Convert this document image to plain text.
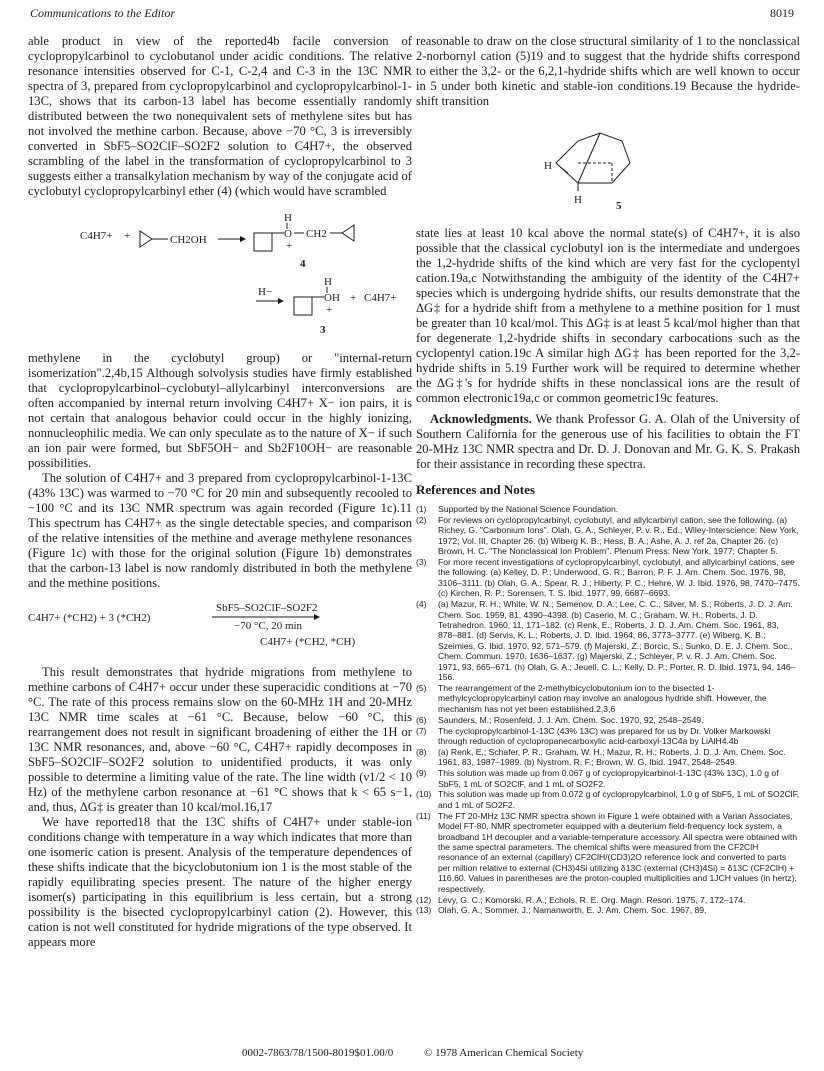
Communications to the Editor	8019

able product in view of the reported4b facile conversion of cyclopropylcarbinol to cyclobutanol under acidic conditions. The relative resonance intensities observed for C-1, C-2,4 and C-3 in the 13C NMR spectra of 3, prepared from cyclopropylcarbinol and cyclopropylcarbinol-1-13C, shows that its carbon-13 label has become essentially randomly distributed between the two nonequivalent sets of methylene sites but has not involved the methine carbon. Because, above −70 °C, 3 is irreversibly converted in SbF5–SO2ClF–SO2F2 solution to C4H7+, the observed scrambling of the label in the transformation of cyclopropylcarbinol to 3 suggests either a transalkylation mechanism by way of the conjugate acid of cyclobutyl cyclopropylcarbinyl ether (4) (which would have scrambled

C4H7+ +	CH2OH
H
O
+
CH2
4
H−
H
OH
+
+ C4H7+
3

methylene in the cyclobutyl group) or "internal-return isomerization".2,4b,15 Although solvolysis studies have firmly established that cyclopropylcarbinol–cyclobutyl–allylcarbinyl interconversions are often accompanied by internal return involving C4H7+ X− ion pairs, it is not certain that analogous behavior could occur in the highly ionizing, nonnucleophilic media. We can only speculate as to the nature of X− if such an ion pair were formed, but SbF5OH− and Sb2F10OH− are reasonable possibilities.

The solution of C4H7+ and 3 prepared from cyclopropylcarbinol-1-13C (43% 13C) was warmed to −70 °C for 20 min and subsequently recooled to −100 °C and its 13C NMR spectrum was again recorded (Figure 1c).11 This spectrum has C4H7+ as the single detectable species, and comparison of the relative intensities of the methine and average methylene resonances (Figure 1c) with those for the original solution (Figure 1b) demonstrates that the carbon-13 label is now randomly distributed in both the methylene and the methine positions.

C4H7+ (*CH2) + 3 (*CH2)
SbF5–SO2ClF–SO2F2
−70 °C, 20 min
C4H7+ (*CH2, *CH)

This result demonstrates that hydride migrations from methylene to methine carbons of C4H7+ occur under these superacidic conditions at −70 °C. The rate of this process remains slow on the 60-MHz 1H and 20-MHz 13C NMR time scales at −61 °C. Because, below −60 °C, this rearrangement does not result in significant broadening of either the 1H or 13C NMR resonances, and, above −60 °C, C4H7+ rapidly decomposes in SbF5–SO2ClF–SO2F2 solution to unidentified products, it was only possible to determine a limiting value of the rate. The line width (ν1/2 < 10 Hz) of the methylene carbon resonance at −61 °C shows that k < 65 s−1, and, thus, ΔG‡ is greater than 10 kcal/mol.16,17

We have reported18 that the 13C shifts of C4H7+ under stable-ion conditions change with temperature in a way which indicates that more than one isomeric cation is present. Analysis of the temperature dependences of these shifts indicate that the bicyclobutonium ion 1 is the most stable of the rapidly equilibrating species present. The nature of the higher energy isomer(s) participating in this equilibrium is less certain, but a strong possibility is the bisected cyclopropylcarbinyl cation (2). However, this cation is not well constituted for hydride migrations of the type observed. It appears more

reasonable to draw on the close structural similarity of 1 to the nonclassical 2-norbornyl cation (5)19 and to suggest that the hydride shifts correspond to either the 3,2- or the 6,2,1-hydride shifts which are well known to occur in 5 under both kinetic and stable-ion conditions.19 Because the hydride-shift transition

H
H	5

state lies at least 10 kcal above the normal state(s) of C4H7+, it is also possible that the classical cyclobutyl ion is the intermediate and undergoes the 1,2-hydride shifts of the kind which are very fast for the cyclopentyl cation.19a,c Notwithstanding the ambiguity of the identity of the C4H7+ species which is undergoing hydride shifts, our results demonstrate that the ΔG‡ for a hydride shift from a methylene to a methine position for 1 must be greater than 10 kcal/mol. This ΔG‡ is at least 5 kcal/mol higher than that for degenerate 1,2-hydride shifts in secondary carbocations such as the cyclopentyl cation.19c A similar high ΔG‡ has been reported for the 3,2-hydride shifts in 5.19 Further work will be required to determine whether the ΔG‡'s for hydride shifts in these nonclassical ions are the result of common electronic19a,c or common geometric19c features.

Acknowledgments. We thank Professor G. A. Olah of the University of Southern California for the generous use of his facilities to obtain the FT 20-MHz 13C NMR spectra and Dr. D. J. Donovan and Mr. G. K. S. Prakash for their assistance in recording these spectra.

References and Notes
(1) Supported by the National Science Foundation.
(2) For reviews on cyclopropylcarbinyl, cyclobutyl, and allylcarbinyl cation, see the following. (a) Richey, G. "Carbonium Ions". Olah, G. A., Schleyer, P. v. R., Ed., Wiley-Interscience: New York, 1972; Vol. III, Chapter 26. (b) Wiberg K. B.; Hess, B. A.; Ashe, A. J. ref 2a, Chapter 26. (c) Brown, H. C. "The Nonclassical Ion Problem". Plenum Press: New York, 1977; Chapter 5.
(3) For more recent investigations of cyclopropylcarbinyl, cyclobutyl, and allylcarbinyl cations, see the following. (a) Kelley, D. P.; Underwood, G. R.; Barron, P. F. J. Am. Chem. Soc. 1976, 98, 3106–3111. (b) Olah, G. A.; Spear, R. J.; Hiberty, P. C.; Hehre, W. J. Ibid. 1976, 98, 7470–7475. (c) Kirchen, R. P.; Sorensen, T. S. Ibid. 1977, 99, 6687–6693.
(4) (a) Mazur, R. H.; White, W. N.; Semenov, D. A.; Lee, C. C.; Silver, M. S.; Roberts, J. D. J. Am. Chem. Soc. 1959, 81, 4390–4398. (b) Caserio, M. C.; Graham, W. H.; Roberts, J. D. Tetrahedron. 1960, 11, 171–182. (c) Renk, E.; Roberts, J. D. J. Am. Chem. Soc. 1961, 83, 878–881. (d) Servis, K. L.; Roberts, J. D. Ibid. 1964, 86, 3773–3777. (e) Wiberg, K. B.; Szeimies, G. Ibid. 1970, 92, 571–579. (f) Majerski, Z.; Borcic, S.; Sunko, D. E. J. Chem. Soc., Chem. Commun. 1970, 1636–1637. (g) Majerski, Z.; Schleyer, P. v. R. J. Am. Chem. Soc. 1971, 93, 665–671. (h) Olah, G. A.; Jeuell, C. L.; Kelly, D. P.; Porter, R. D. Ibid. 1971, 94, 146–156.
(5) The rearrangement of the 2-methylbicyclobutonium ion to the bisected 1-methylcyclopropylcarbinyl cation may involve an analogous hydride shift. However, the mechanism has not yet been established.2,3,6
(6) Saunders, M.; Rosenfeld, J. J. Am. Chem. Soc. 1970, 92, 2548–2549.
(7) The cyclopropylcarbinol-1-13C (43% 13C) was prepared for us by Dr. Volker Markowski through reduction of cyclopropanecarboxylic acid-carboxyl-13C4a by LiAlH4.4b
(8) (a) Renk, E.; Schafer, P. R.; Graham, W. H.; Mazur, R. H.; Roberts, J. D. J. Am. Chem. Soc. 1961, 83, 1987–1989. (b) Nystrom, R. F.; Brown, W. G. Ibid. 1947, 2548–2549.
(9) This solution was made up from 0.067 g of cyclopropylcarbinol-1-13C (43% 13C), 1.0 g of SbF5, 1 mL of SO2ClF, and 1 mL of SO2F2.
(10) This solution was made up from 0.072 g of cyclopropylcarbinol, 1.0 g of SbF5, 1 mL of SO2ClF, and 1 mL of SO2F2.
(11) The FT 20-MHz 13C NMR spectra shown in Figure 1 were obtained with a Varian Associates, Model FT-80, NMR spectrometer equipped with a deuterium field-frequency lock system, a broadband 1H decoupler and a variable-temperature accessory. All spectra were obtained with the same spectral parameters. The chemical shifts were measured from the CF2ClH resonance of an external (capillary) CF2ClH/(CD3)2O reference lock and converted to parts per million relative to external (CH3)4Si utilizing δ13C (external (CH3)4Si) = δ13C (CF2ClH) + 116.60. Values in parentheses are the proton-coupled multiplicities and 1JCH values (in hertz), respectively.
(12) Levy, G. C.; Komorski, R. A.; Echols, R. E. Org. Magn. Reson. 1975, 7, 172–174.
(13) Olah, G. A.; Sommer, J.; Namanworth, E. J. Am. Chem. Soc. 1967, 89,
0002-7863/78/1500-8019$01.00/0	© 1978 American Chemical Society
